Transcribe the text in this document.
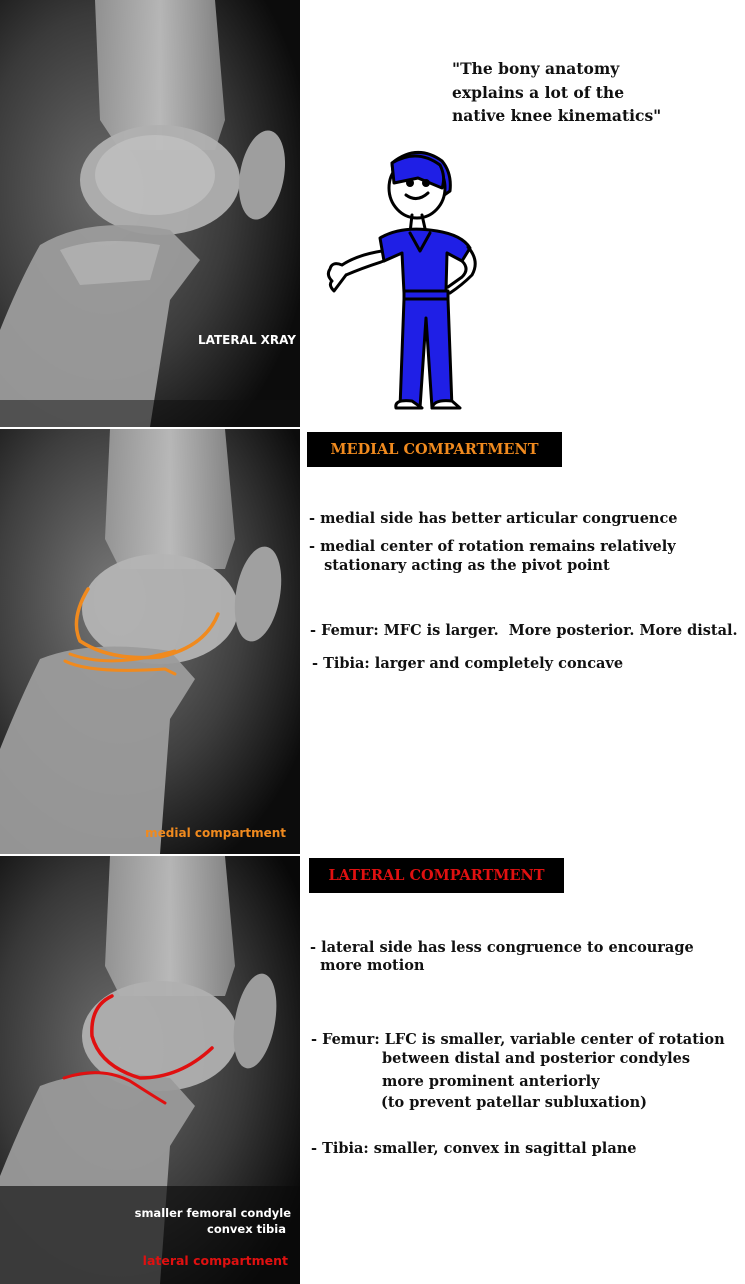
LATERAL XRAY
medial compartment
smaller femoral condyle
convex tibia
lateral compartment
"The bony anatomy
explains a lot of the
native knee kinematics"
MEDIAL COMPARTMENT
- medial side has better articular congruence
- medial center of rotation remains relatively
stationary acting as the pivot point
- Femur: MFC is larger.  More posterior. More distal.
- Tibia: larger and completely concave
LATERAL COMPARTMENT
- lateral side has less congruence to encourage
more motion
- Femur: LFC is smaller, variable center of rotation
between distal and posterior condyles
more prominent anteriorly
(to prevent patellar subluxation)
- Tibia: smaller, convex in sagittal plane
